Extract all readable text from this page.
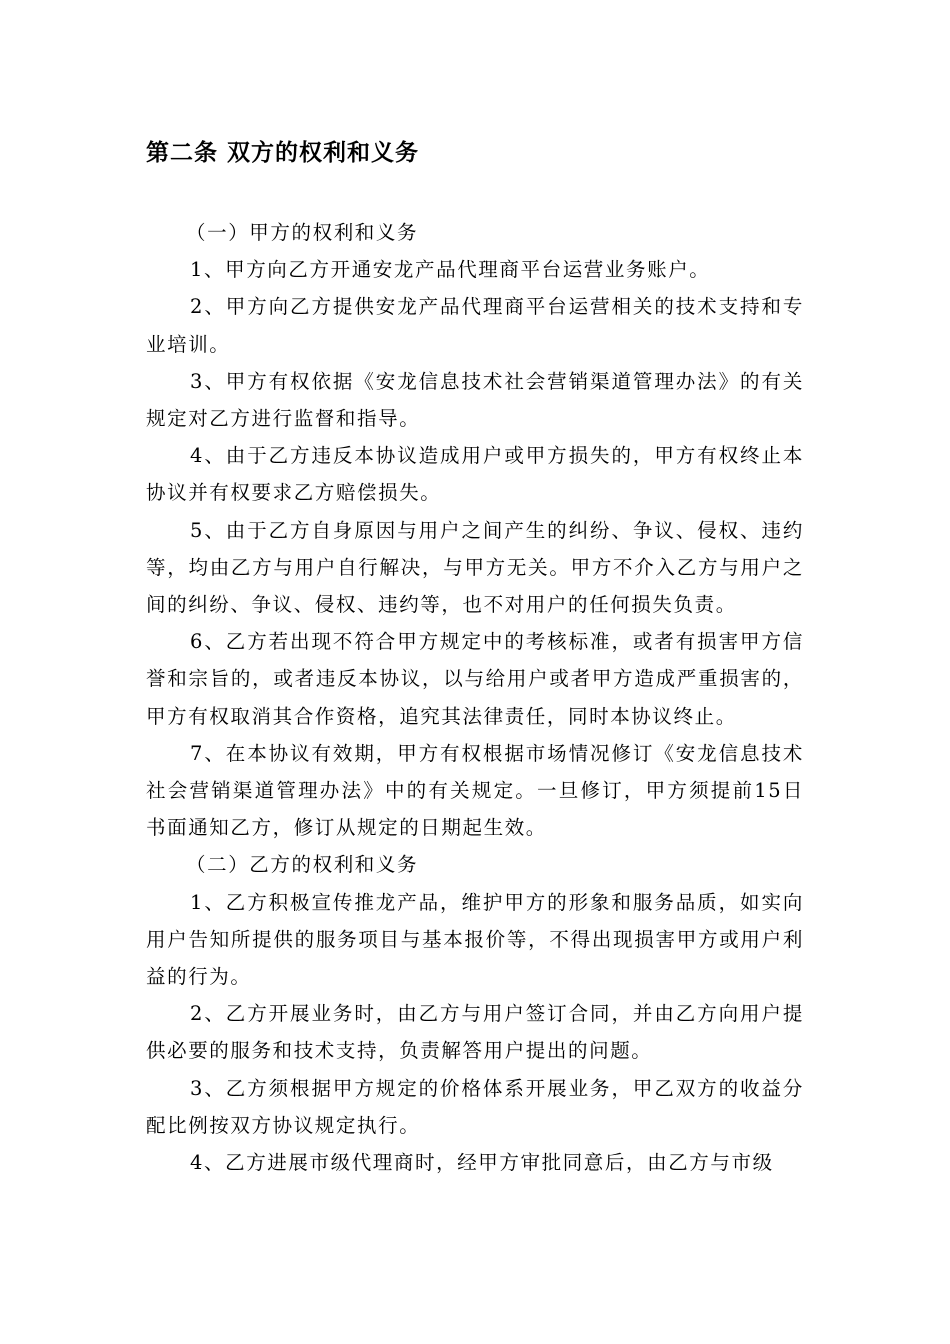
第二条 双方的权利和义务

（一）甲方的权利和义务

1、甲方向乙方开通安龙产品代理商平台运营业务账户。

2、甲方向乙方提供安龙产品代理商平台运营相关的技术支持和专业培训。

3、甲方有权依据《安龙信息技术社会营销渠道管理办法》的有关规定对乙方进行监督和指导。

4、由于乙方违反本协议造成用户或甲方损失的，甲方有权终止本协议并有权要求乙方赔偿损失。

5、由于乙方自身原因与用户之间产生的纠纷、争议、侵权、违约等，均由乙方与用户自行解决，与甲方无关。甲方不介入乙方与用户之间的纠纷、争议、侵权、违约等，也不对用户的任何损失负责。

6、乙方若出现不符合甲方规定中的考核标准，或者有损害甲方信誉和宗旨的，或者违反本协议，以与给用户或者甲方造成严重损害的，甲方有权取消其合作资格，追究其法律责任，同时本协议终止。

7、在本协议有效期，甲方有权根据市场情况修订《安龙信息技术社会营销渠道管理办法》中的有关规定。一旦修订，甲方须提前15日书面通知乙方，修订从规定的日期起生效。

（二）乙方的权利和义务

1、乙方积极宣传推龙产品，维护甲方的形象和服务品质，如实向用户告知所提供的服务项目与基本报价等，不得出现损害甲方或用户利益的行为。

2、乙方开展业务时，由乙方与用户签订合同，并由乙方向用户提供必要的服务和技术支持，负责解答用户提出的问题。

3、乙方须根据甲方规定的价格体系开展业务，甲乙双方的收益分配比例按双方协议规定执行。

4、乙方进展市级代理商时，经甲方审批同意后，由乙方与市级
